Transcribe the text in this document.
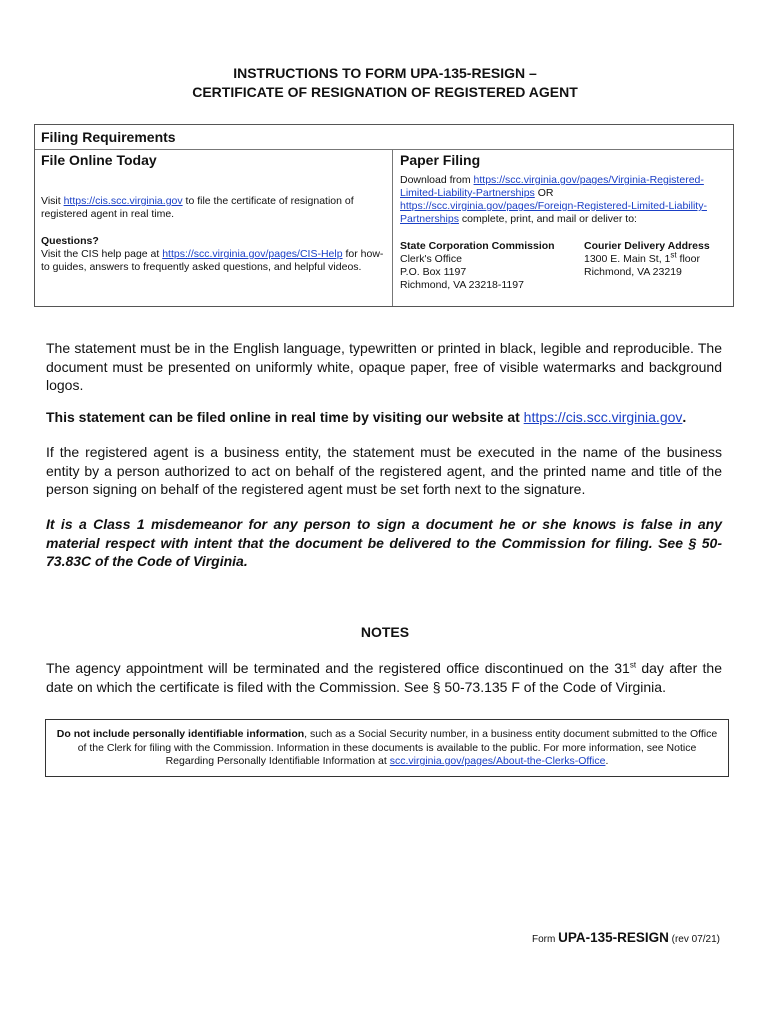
INSTRUCTIONS TO FORM UPA-135-RESIGN –
CERTIFICATE OF RESIGNATION OF REGISTERED AGENT
Filing Requirements
File Online Today	Paper Filing
Visit https://cis.scc.virginia.gov to file the certificate of resignation of registered agent in real time.
Questions?
Visit the CIS help page at https://scc.virginia.gov/pages/CIS-Help for how-to guides, answers to frequently asked questions, and helpful videos.
Download from https://scc.virginia.gov/pages/Virginia-Registered-Limited-Liability-Partnerships OR https://scc.virginia.gov/pages/Foreign-Registered-Limited-Liability-Partnerships complete, print, and mail or deliver to:
State Corporation Commission
Clerk's Office
P.O. Box 1197
Richmond, VA 23218-1197
Courier Delivery Address
1300 E. Main St, 1st floor
Richmond, VA 23219
The statement must be in the English language, typewritten or printed in black, legible and reproducible. The document must be presented on uniformly white, opaque paper, free of visible watermarks and background logos.
This statement can be filed online in real time by visiting our website at https://cis.scc.virginia.gov.
If the registered agent is a business entity, the statement must be executed in the name of the business entity by a person authorized to act on behalf of the registered agent, and the printed name and title of the person signing on behalf of the registered agent must be set forth next to the signature.
It is a Class 1 misdemeanor for any person to sign a document he or she knows is false in any material respect with intent that the document be delivered to the Commission for filing. See § 50-73.83C of the Code of Virginia.
NOTES
The agency appointment will be terminated and the registered office discontinued on the 31st day after the date on which the certificate is filed with the Commission. See § 50-73.135 F of the Code of Virginia.
Do not include personally identifiable information, such as a Social Security number, in a business entity document submitted to the Office of the Clerk for filing with the Commission. Information in these documents is available to the public. For more information, see Notice Regarding Personally Identifiable Information at scc.virginia.gov/pages/About-the-Clerks-Office.
Form UPA-135-RESIGN (rev 07/21)
